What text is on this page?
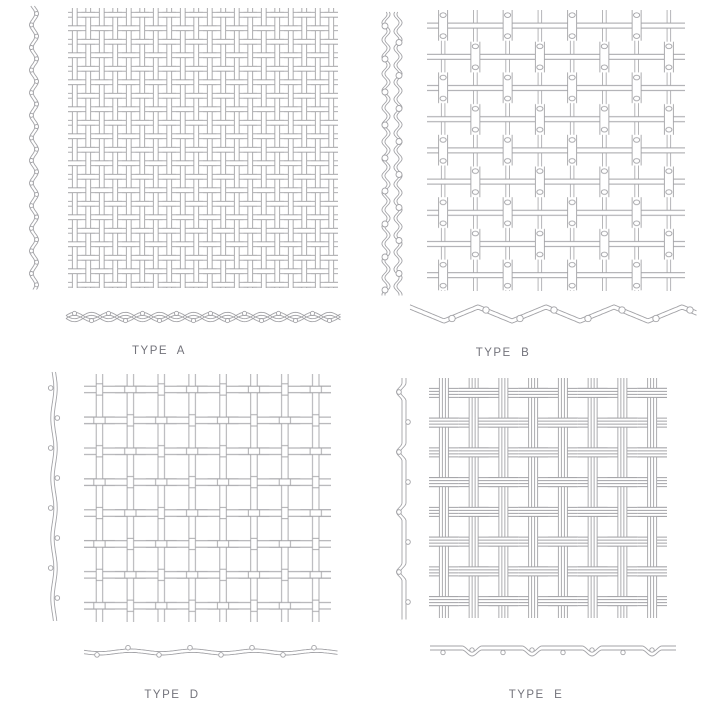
TYPE  A	TYPE  B
TYPE  D	TYPE  E
